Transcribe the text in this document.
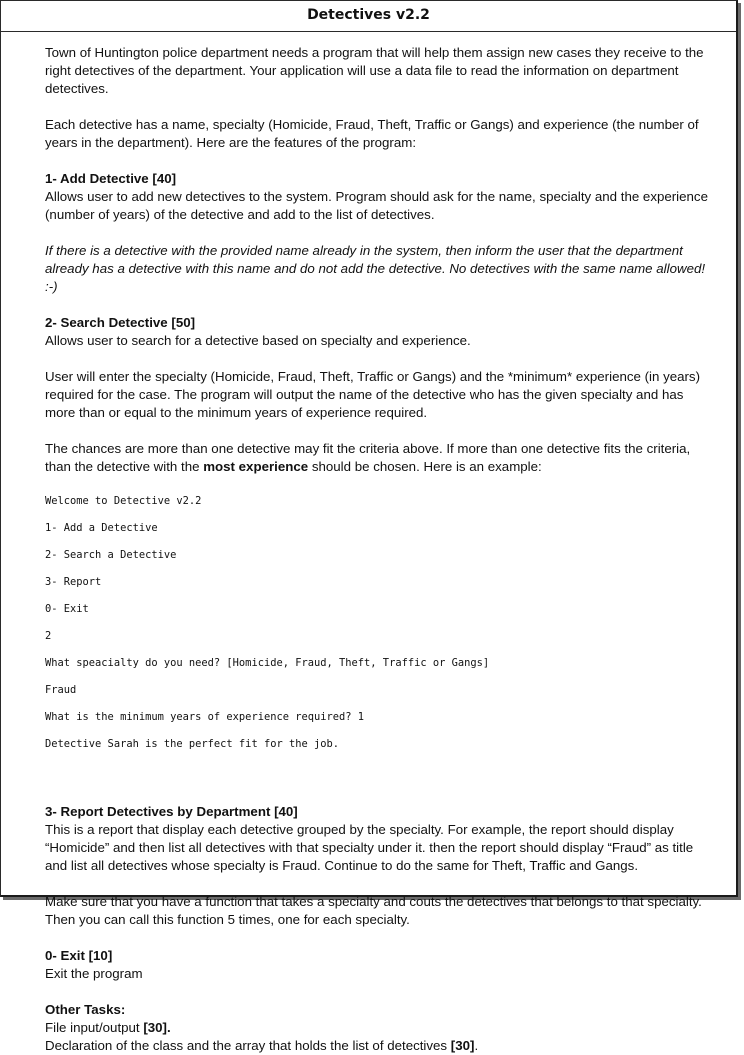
Detectives v2.2

Town of Huntington police department needs a program that will help them assign new cases they receive to the right detectives of the department. Your application will use a data file to read the information on department detectives.

Each detective has a name, specialty (Homicide, Fraud, Theft, Traffic or Gangs) and experience (the number of years in the department). Here are the features of the program:

1- Add Detective [40]

Allows user to add new detectives to the system. Program should ask for the name, specialty and the experience (number of years) of the detective and add to the list of detectives.

If there is a detective with the provided name already in the system, then inform the user that the department already has a detective with this name and do not add the detective. No detectives with the same name allowed! :-)

2- Search Detective [50]

Allows user to search for a detective based on specialty and experience.

User will enter the specialty (Homicide, Fraud, Theft, Traffic or Gangs) and the *minimum* experience (in years) required for the case. The program will output the name of the detective who has the given specialty and has more than or equal to the minimum years of experience required.

The chances are more than one detective may fit the criteria above. If more than one detective fits the criteria, than the detective with the most experience should be chosen. Here is an example:

Welcome to Detective v2.2

1- Add a Detective

2- Search a Detective

3- Report

0- Exit

2

What speacialty do you need? [Homicide, Fraud, Theft, Traffic or Gangs]

Fraud

What is the minimum years of experience required? 1

Detective Sarah is the perfect fit for the job.

3- Report Detectives by Department [40]

This is a report that display each detective grouped by the specialty. For example, the report should display “Homicide” and then list all detectives with that specialty under it. then the report should display “Fraud” as title and list all detectives whose specialty is Fraud. Continue to do the same for Theft, Traffic and Gangs.

Make sure that you have a function that takes a specialty and couts the detectives that belongs to that specialty. Then you can call this function 5 times, one for each specialty.

0- Exit [10]

Exit the program

Other Tasks:
File input/output [30].
Declaration of the class and the array that holds the list of detectives [30].
